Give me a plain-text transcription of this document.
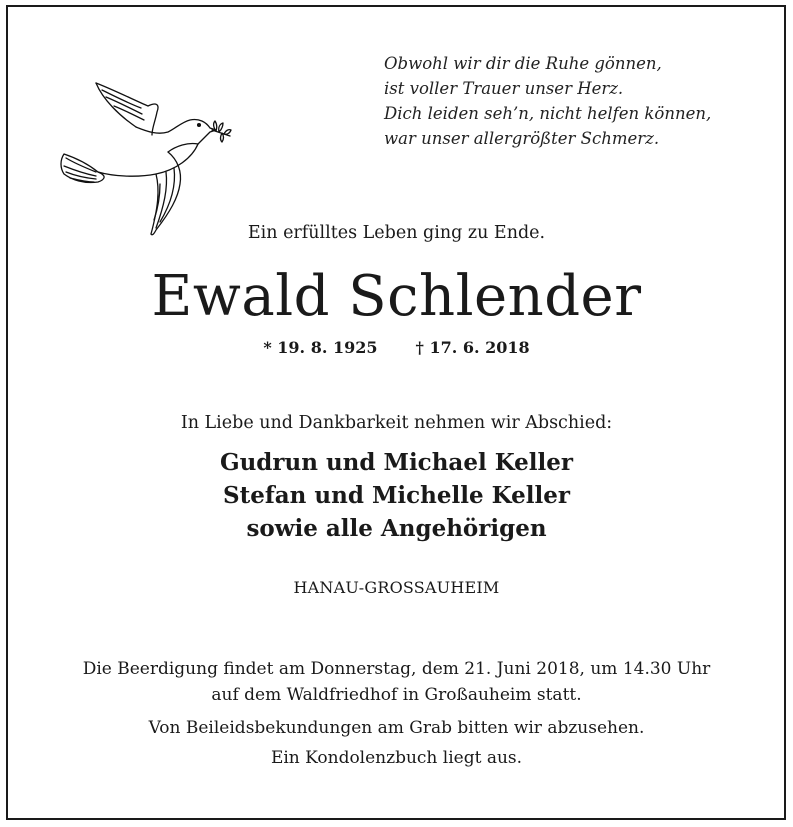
Obwohl wir dir die Ruhe gönnen,
ist voller Trauer unser Herz.
Dich leiden seh’n, nicht helfen können,
war unser allergrößter Schmerz.
Ein erfülltes Leben ging zu Ende.
Ewald Schlender
* 19. 8. 1925 † 17. 6. 2018
In Liebe und Dankbarkeit nehmen wir Abschied:
Gudrun und Michael Keller
Stefan und Michelle Keller
sowie alle Angehörigen
HANAU-GROSSAUHEIM
Die Beerdigung findet am Donnerstag, dem 21. Juni 2018, um 14.30 Uhr
auf dem Waldfriedhof in Großauheim statt.
Von Beileidsbekundungen am Grab bitten wir abzusehen.
Ein Kondolenzbuch liegt aus.
